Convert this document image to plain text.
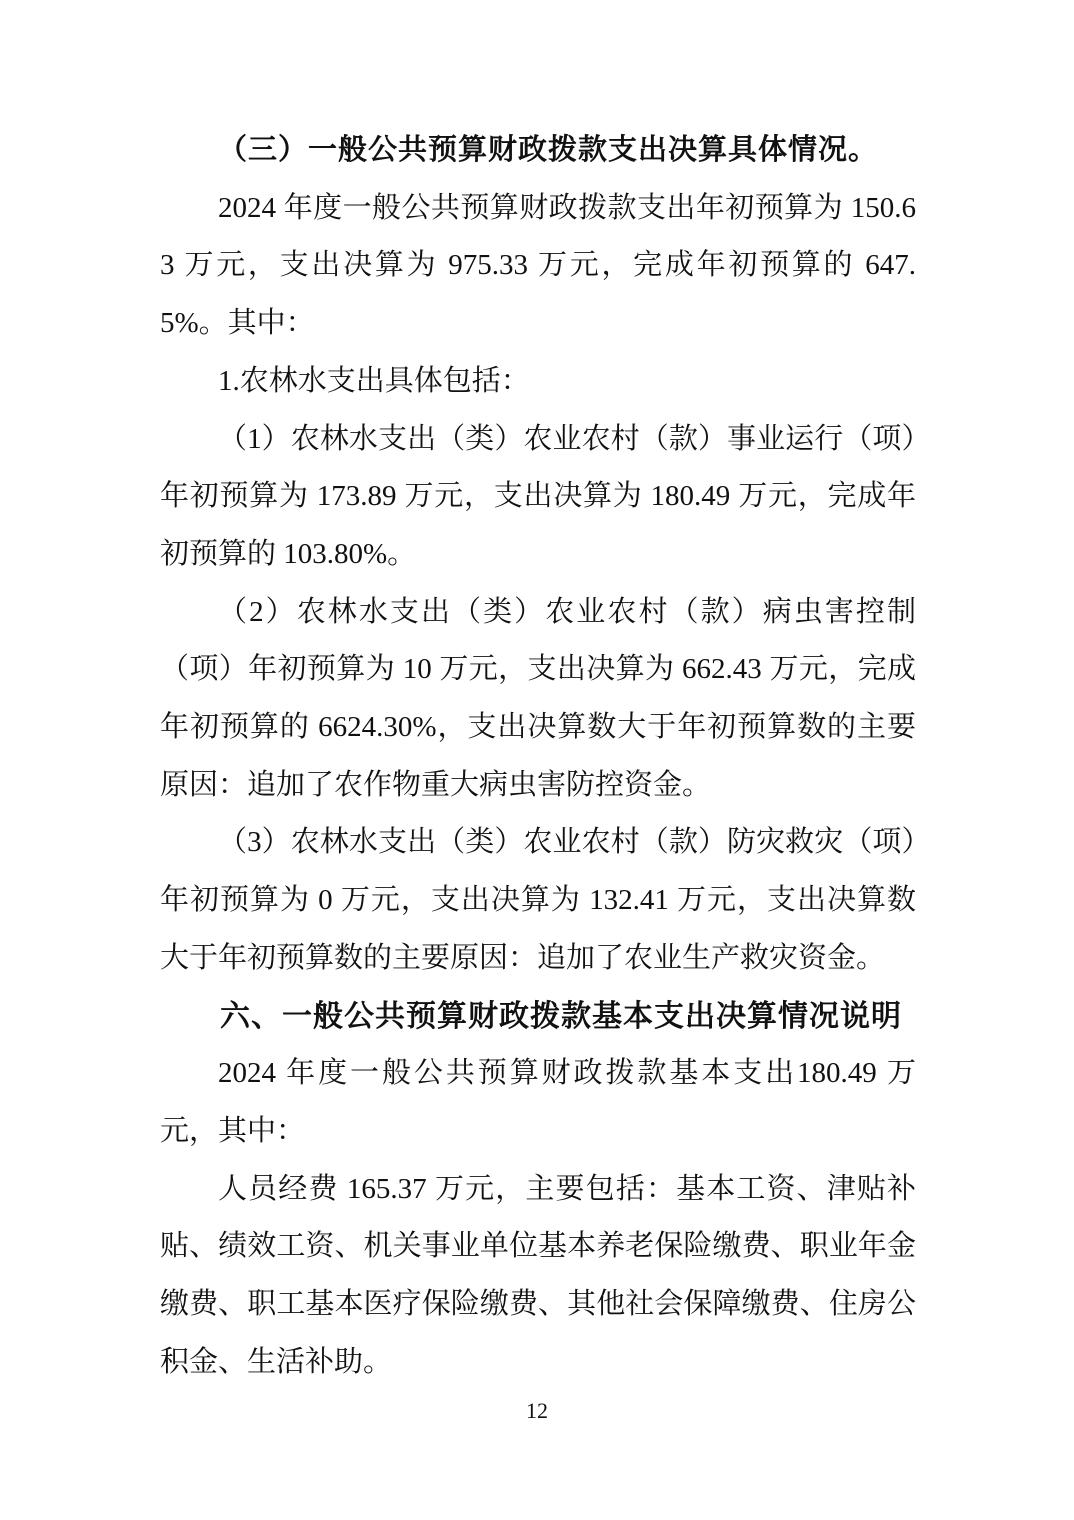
（三）一般公共预算财政拨款支出决算具体情况。

2024 年度一般公共预算财政拨款支出年初预算为 150.63 万元，支出决算为 975.33 万元，完成年初预算的 647.5%。其中：

1.农林水支出具体包括：

（1）农林水支出（类）农业农村（款）事业运行（项）年初预算为 173.89 万元，支出决算为 180.49 万元，完成年初预算的 103.80%。

（2）农林水支出（类）农业农村（款）病虫害控制（项）年初预算为 10 万元，支出决算为 662.43 万元，完成年初预算的 6624.30%，支出决算数大于年初预算数的主要原因：追加了农作物重大病虫害防控资金。

（3）农林水支出（类）农业农村（款）防灾救灾（项）年初预算为 0 万元，支出决算为 132.41 万元，支出决算数大于年初预算数的主要原因：追加了农业生产救灾资金。

六、一般公共预算财政拨款基本支出决算情况说明

2024 年度一般公共预算财政拨款基本支出180.49 万元，其中：

人员经费 165.37 万元，主要包括：基本工资、津贴补贴、绩效工资、机关事业单位基本养老保险缴费、职业年金缴费、职工基本医疗保险缴费、其他社会保障缴费、住房公积金、生活补助。

12
